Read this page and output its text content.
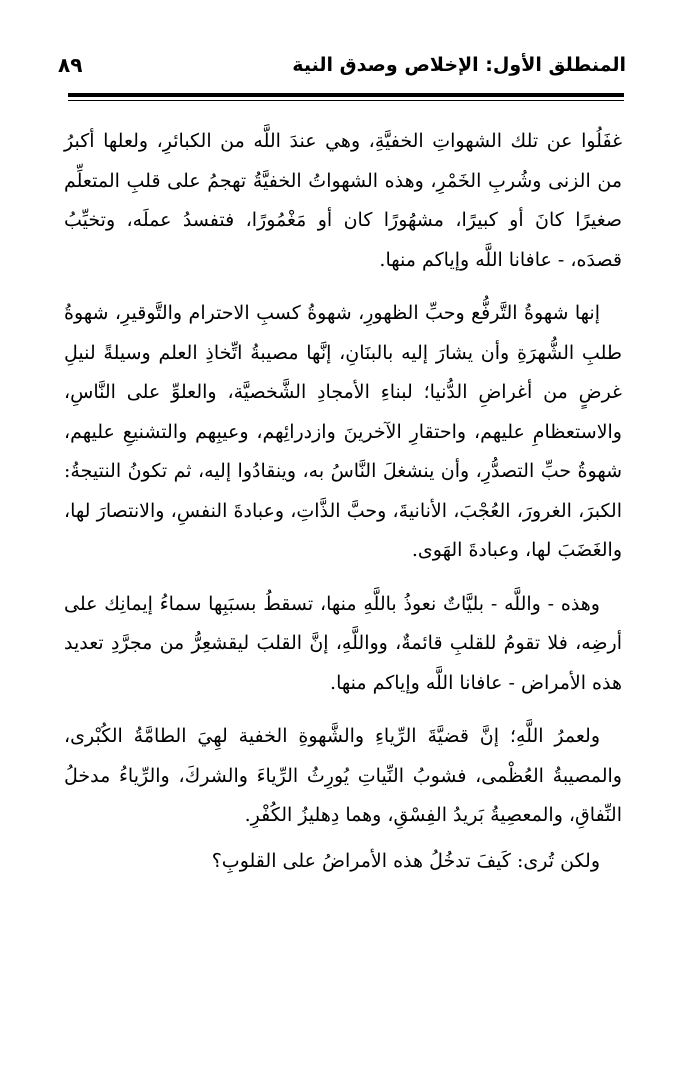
المنطلق الأول: الإخلاص وصدق النية
٨٩

غفَلُوا عن تلك الشهواتِ الخفيَّةِ، وهي عندَ اللَّه من الكبائرِ، ولعلها أكبرُ من الزنى وشُربِ الخَمْرِ، وهذه الشهواتُ الخفيَّةُ تهجمُ على قلبِ المتعلِّم صغيرًا كانَ أو كبيرًا، مشهُورًا كان أو مَغْمُورًا، فتفسدُ عملَه، وتخيِّبُ قصدَه، - عافانا اللَّه وإياكم منها.

إنها شهوةُ التَّرفُّع وحبِّ الظهورِ، شهوةُ كسبِ الاحترام والتَّوقيرِ، شهوةُ طلبِ الشُّهرَةِ وأن يشارَ إليه بالبنَانِ، إنَّها مصيبةُ اتِّخاذِ العلم وسيلةً لنيلِ غرضٍ من أغراضِ الدُّنيا؛ لبناءِ الأمجادِ الشَّخصيَّة، والعلوِّ على النَّاسِ، والاستعظامِ عليهم، واحتقارِ الآخرينَ وازدرائِهم، وعيبِهم والتشنيعِ عليهم، شهوةُ حبِّ التصدُّرِ، وأن ينشغلَ النَّاسُ به، وينقادُوا إليه، ثم تكونُ النتيجةُ: الكبرَ، الغرورَ، العُجْبَ، الأنانيةَ، وحبَّ الذَّاتِ، وعبادةَ النفسِ، والانتصارَ لها، والغَضَبَ لها، وعبادةَ الهَوى.

وهذه - واللَّه - بليَّاتٌ نعوذُ باللَّهِ منها، تسقطُ بسبَبِها سماءُ إيمانِك على أرضِه، فلا تقومُ للقلبِ قائمةٌ، وواللَّهِ، إنَّ القلبَ ليقشعِرُّ من مجرَّدِ تعديد هذه الأمراض - عافانا اللَّه وإياكم منها.

ولعمرُ اللَّهِ؛ إنَّ قضيَّةَ الرِّياءِ والشَّهوةِ الخفية لهِيَ الطامَّةُ الكُبْرى، والمصيبةُ العُظْمى، فشوبُ النِّياتِ يُورِثُ الرِّياءَ والشركَ، والرِّياءُ مدخلُ النِّفاقِ، والمعصِيةُ بَريدُ الفِسْقِ، وهما دِهليزُ الكُفْرِ.

ولكن تُرى: كَيفَ تدخُلُ هذه الأمراضُ على القلوبِ؟
